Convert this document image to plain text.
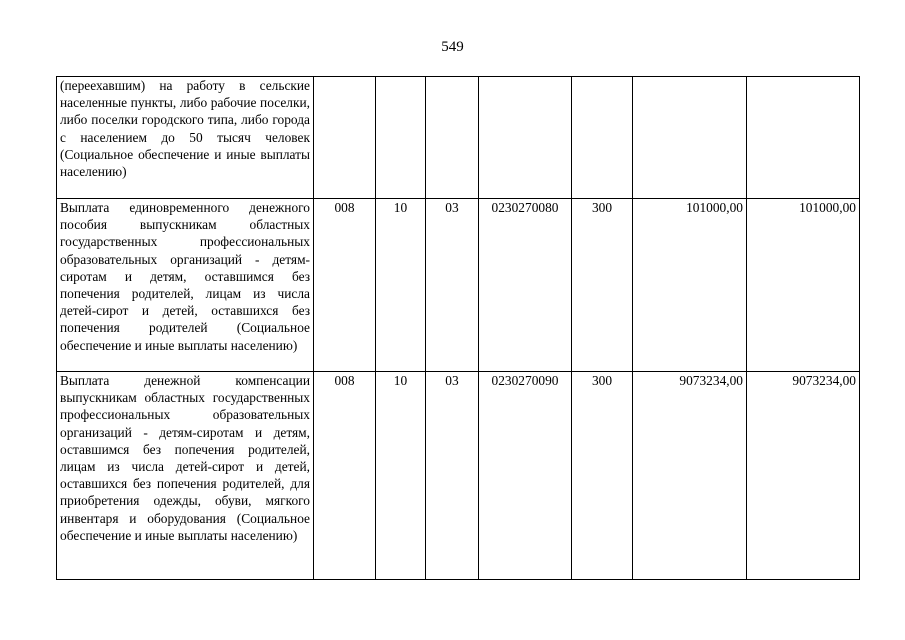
549
(переехавшим) на работу в сельские населенные пункты, либо рабочие поселки, либо поселки городского типа, либо города с населением до 50 тысяч человек (Социальное обеспечение и иные выплаты населению)							
Выплата единовременного денежного пособия выпускникам областных государственных профессиональных образовательных организаций - детям-сиротам и детям, оставшимся без попечения родителей, лицам из числа детей-сирот и детей, оставшихся без попечения родителей (Социальное обеспечение и иные выплаты населению)	008	10	03	0230270080	300	101000,00	101000,00
Выплата денежной компенсации выпускникам областных государственных профессиональных образовательных организаций - детям-сиротам и детям, оставшимся без попечения родителей, лицам из числа детей-сирот и детей, оставшихся без попечения родителей, для приобретения одежды, обуви, мягкого инвентаря и оборудования (Социальное обеспечение и иные выплаты населению)	008	10	03	0230270090	300	9073234,00	9073234,00
